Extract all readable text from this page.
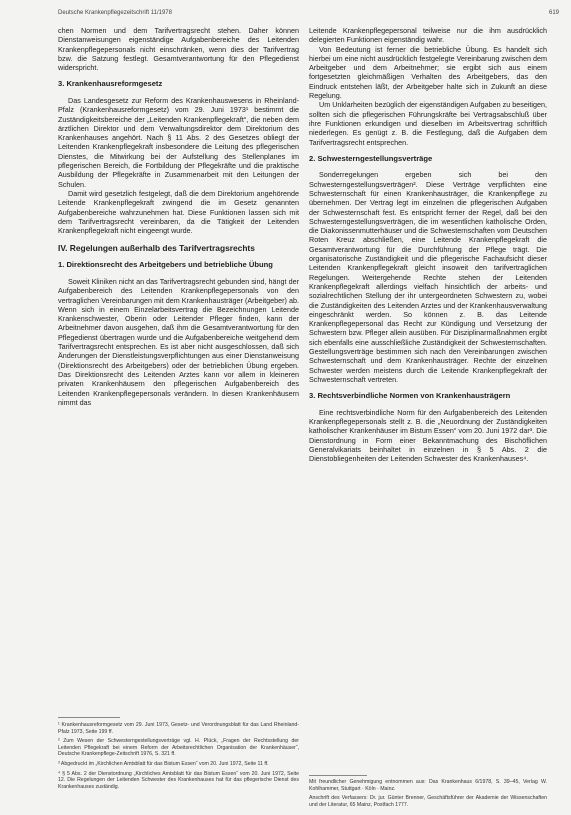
Deutsche Krankenpflegezeitschrift 11/1978	619

chen Normen und dem Tarifvertragsrecht stehen. Daher können Dienstanweisungen eigenständige Aufgabenbereiche des Leitenden Krankenpflegepersonals nicht einschränken, wenn dies der Tarifvertrag bzw. die Satzung festlegt. Gesamtverantwortung für den Pflegedienst widerspricht.

3. Krankenhausreformgesetz

Das Landesgesetz zur Reform des Krankenhauswesens in Rheinland-Pfalz (Krankenhausreformgesetz) vom 29. Juni 1973¹ bestimmt die Zuständigkeitsbereiche der „Leitenden Krankenpflegekraft“, die neben dem ärztlichen Direktor und dem Verwaltungsdirektor dem Direktorium des Krankenhauses angehört. Nach § 11 Abs. 2 des Gesetzes obliegt der Leitenden Krankenpflegekraft insbesondere die Leitung des pflegerischen Dienstes, die Mitwirkung bei der Aufstellung des Stellenplanes im pflegerischen Bereich, die Fortbildung der Pflegekräfte und die praktische Ausbildung der Pflegekräfte in Zusammenarbeit mit den Leitungen der Schulen.

Damit wird gesetzlich festgelegt, daß die dem Direktorium angehörende Leitende Krankenpflegekraft zwingend die im Gesetz genannten Aufgabenbereiche wahrzunehmen hat. Diese Funktionen lassen sich mit dem Tarifvertragsrecht vereinbaren, da die Tätigkeit der Leitenden Krankenpflegekraft nicht eingeengt wurde.

IV. Regelungen außerhalb des Tarifvertragsrechts
1. Direktionsrecht des Arbeitgebers und betriebliche Übung

Soweit Kliniken nicht an das Tarifvertragsrecht gebunden sind, hängt der Aufgabenbereich des Leitenden Krankenpflegepersonals von den vertraglichen Vereinbarungen mit dem Krankenhausträger (Arbeitgeber) ab. Wenn sich in einem Einzelarbeitsvertrag die Bezeichnungen Leitende Krankenschwester, Oberin oder Leitender Pfleger finden, kann der Arbeitnehmer davon ausgehen, daß ihm die Gesamtverantwortung für den Pflegedienst übertragen wurde und die Aufgabenbereiche weitgehend dem Tarifvertragsrecht entsprechen. Es ist aber nicht ausgeschlossen, daß sich Änderungen der Dienstleistungsverpflichtungen aus einer Dienstanweisung (Direktionsrecht des Arbeitgebers) oder der betrieblichen Übung ergeben. Das Direktionsrecht des Leitenden Arztes kann vor allem in kleineren privaten Krankenhäusern den pflegerischen Aufgabenbereich des Leitenden Krankenpflegepersonals verändern. In diesen Krankenhäusern nimmt das

Leitende Krankenpflegepersonal teilweise nur die ihm ausdrücklich delegierten Funktionen eigenständig wahr.

Von Bedeutung ist ferner die betriebliche Übung. Es handelt sich hierbei um eine nicht ausdrücklich festgelegte Vereinbarung zwischen dem Arbeitgeber und dem Arbeitnehmer; sie ergibt sich aus einem fortgesetzten gleichmäßigen Verhalten des Arbeitgebers, das den Eindruck entstehen läßt, der Arbeitgeber halte sich in Zukunft an diese Regelung.

Um Unklarheiten bezüglich der eigenständigen Aufgaben zu beseitigen, sollten sich die pflegerischen Führungskräfte bei Vertragsabschluß über ihre Funktionen erkundigen und dieselben im Arbeitsvertrag schriftlich niederlegen. Es genügt z. B. die Festlegung, daß die Aufgaben dem Tarifvertragsrecht entsprechen.

2. Schwesterngestellungsverträge

Sonderregelungen ergeben sich bei den Schwesterngestellungsverträgen². Diese Verträge verpflichten eine Schwesternschaft für einen Krankenhausträger, die Krankenpflege zu übernehmen. Der Vertrag legt im einzelnen die pflegerischen Aufgaben der Schwesternschaft fest. Es entspricht ferner der Regel, daß bei den Schwesterngestellungsverträgen, die im wesentlichen katholische Orden, die Diakonissenmutterhäuser und die Schwesternschaften vom Deutschen Roten Kreuz abschließen, eine Leitende Krankenpflegekraft die Gesamtverantwortung für die Durchführung der Pflege trägt. Die organisatorische Zuständigkeit und die pflegerische Fachaufsicht dieser Leitenden Krankenpflegekraft gleicht insoweit den tarifvertraglichen Regelungen. Weitergehende Rechte stehen der Leitenden Krankenpflegekraft allerdings vielfach hinsichtlich der arbeits- und sozialrechtlichen Stellung der ihr untergeordneten Schwestern zu, wobei die Zuständigkeiten des Leitenden Arztes und der Krankenhausverwaltung eingeschränkt werden. So können z. B. das Leitende Krankenpflegepersonal das Recht zur Kündigung und Versetzung der Schwestern bzw. Pfleger allein ausüben. Für Disziplinarmaßnahmen ergibt sich ebenfalls eine ausschließliche Zuständigkeit der Schwesternschaften. Gestellungsverträge bestimmen sich nach den Vereinbarungen zwischen Schwesternschaft und dem Krankenhausträger. Rechte der einzelnen Schwester werden meistens durch die Leitende Krankenpflegekraft der Schwesternschaft vertreten.

3. Rechtsverbindliche Normen von Krankenhausträgern

Eine rechtsverbindliche Norm für den Aufgabenbereich des Leitenden Krankenpflegepersonals stellt z. B. die „Neuordnung der Zuständigkeiten katholischer Krankenhäuser im Bistum Essen“ vom 20. Juni 1972 dar³. Die Dienstordnung in Form einer Bekanntmachung des Bischöflichen Generalvikariats beinhaltet in einzelnen in § 5 Abs. 2 die Dienstobliegenheiten der Leitenden Schwester des Krankenhauses⁴.

¹ Krankenhausreformgesetz vom 29. Juni 1973, Gesetz- und Verordnungsblatt für das Land Rheinland-Pfalz 1973, Seite 199 ff.

² Zum Wesen der Schwesterngestellungsverträge vgl. H. Plück, „Fragen der Rechtsstellung der Leitenden Pflegekraft bei einem Reform der Arbeitsrechtlichen Organisation der Krankenhäuser“, Deutsche Krankenpflege-Zeitschrift 1976, S. 321 ff.

³ Abgedruckt im „Kirchlichen Amtsblatt für das Bistum Essen“ vom 20. Juni 1972, Seite 11 ff.

⁴ § 5 Abs. 2 der Dienstordnung „Kirchliches Amtsblatt für das Bistum Essen“ vom 20. Juni 1972, Seite 12. Die Regelungen der Leitenden Schwester des Krankenhauses hat für das pflegerische Dienst des Krankenhauses zuständig.

Mit freundlicher Genehmigung entnommen aus: Das Krankenhaus 6/1978, S. 39–45, Verlag W. Kohlhammer, Stuttgart · Köln · Mainz.

Anschrift des Verfassers: Dr. jur. Günter Brenner, Geschäftsführer der Akademie der Wissenschaften und der Literatur, 65 Mainz, Postfach 1777.
